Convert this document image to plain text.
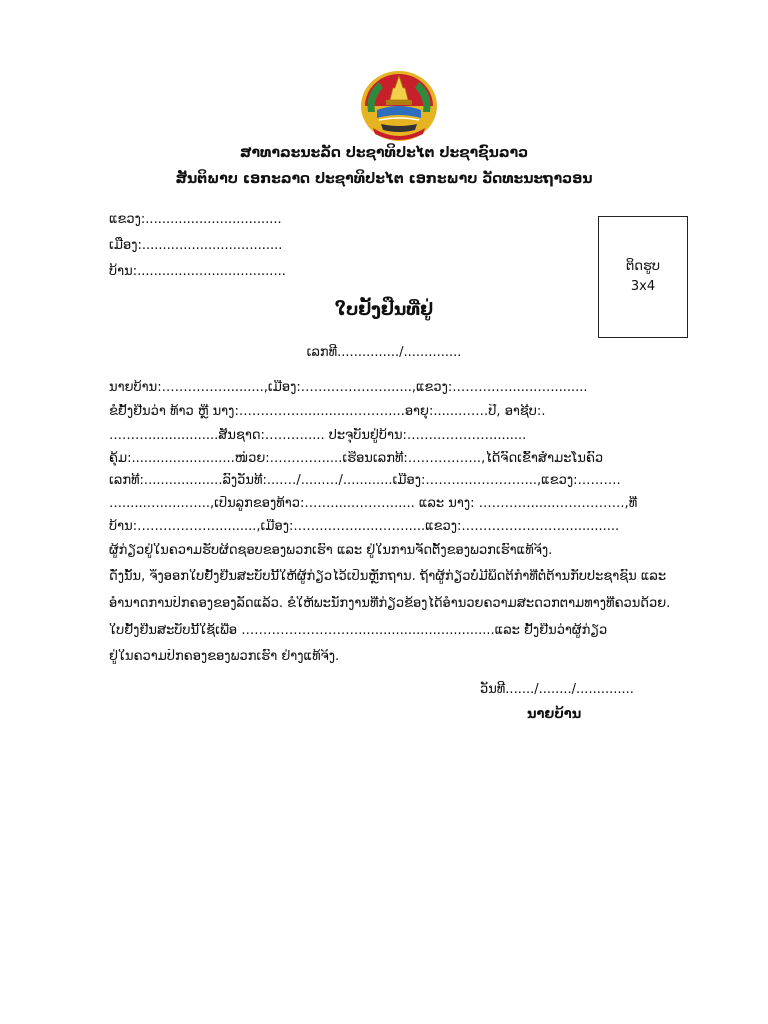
ສາທາລະນະລັດ ປະຊາທິປະໄຕ ປະຊາຊົນລາວ
ສັນຕິພາບ ເອກະລາດ ປະຊາທິປະໄຕ ເອກະພາບ ວັດທະນະຖາວອນ
ແຂວງ:.................................
ເມືອງ:..................................
ບ້ານ:....................................	ຕິດຮູບ
3x4
ໃບຢັ້ງຢືນທີ່ຢູ່
ເລກທີ.............../..............
ນາຍບ້ານ:…………….........,ເມືອງ:…….……….…......,ແຂວງ:……….….......….........
ຂໍຢັ້ງຢືນວ່າ ທ້າວ ຫຼື ນາງ:……………...........………....ອາຍຸ:.......……ປີ, ອາຊີບ:.
……….................ສັນຊາດ:………..... ປະຈຸບັນຢູ່ບ້ານ:……..…………........
ຄຸ້ມ:.........................ໜ່ວຍ:………….....ເຮືອນເລກທີ:……………..,ໄດ້ຈົດເຂົ້າສຳມະໂນຄົວ
ເລກທີ:...................ລົງວັນທີ:....…/......…/............ເມືອງ:………..…………...,ແຂວງ:……….
…......…......…...,ເປັນລູກຂອງທ້າວ:……......………..... ແລະ ນາງ: …………......…………….,ທີ່
ບ້ານ:………………..........,ເມືອງ:……..……......…….....ແຂວງ:…………………….............
ຜູ້ກ່ຽວຢູ່ໃນຄວາມຮັບຜິດຊອບຂອງພວກເຮົາ ແລະ ຢູ່ໃນການຈັດຕັ້ງຂອງພວກເຮົາແທ້ຈິງ.
ດັ່ງນັ້ນ, ຈຶ່ງອອກໃບຢັ້ງຢືນສະບັບນີ້ໃຫ້ຜູ້ກ່ຽວໄວ້ເປັນຫຼັກຖານ. ຖ້າຜູ້ກ່ຽວບໍ່ມີພຶດຕິກຳທີ່ຕໍ່ຕ້ານກັບປະຊາຊົນ ແລະ
ອຳນາດການປົກຄອງຂອງລັດແລ້ວ. ຂໍໃຫ້ພະນັກງານທີ່ກ່ຽວຂ້ອງໄດ້ອຳນວຍຄວາມສະດວກຕາມທາງທີ່ຄວນດ້ວຍ.
ໃບຢັ້ງຢືນສະບັບນີ້ໃຊ້ເພື່ອ ……………………….................................ແລະ ຢັ້ງຢືນວ່າຜູ້ກ່ຽວ
ຢູ່ໃນຄວາມປົກຄອງຂອງພວກເຮົາ ຢ່າງແທ້ຈິງ.
ວັນທີ......./......../..............
ນາຍບ້ານ
